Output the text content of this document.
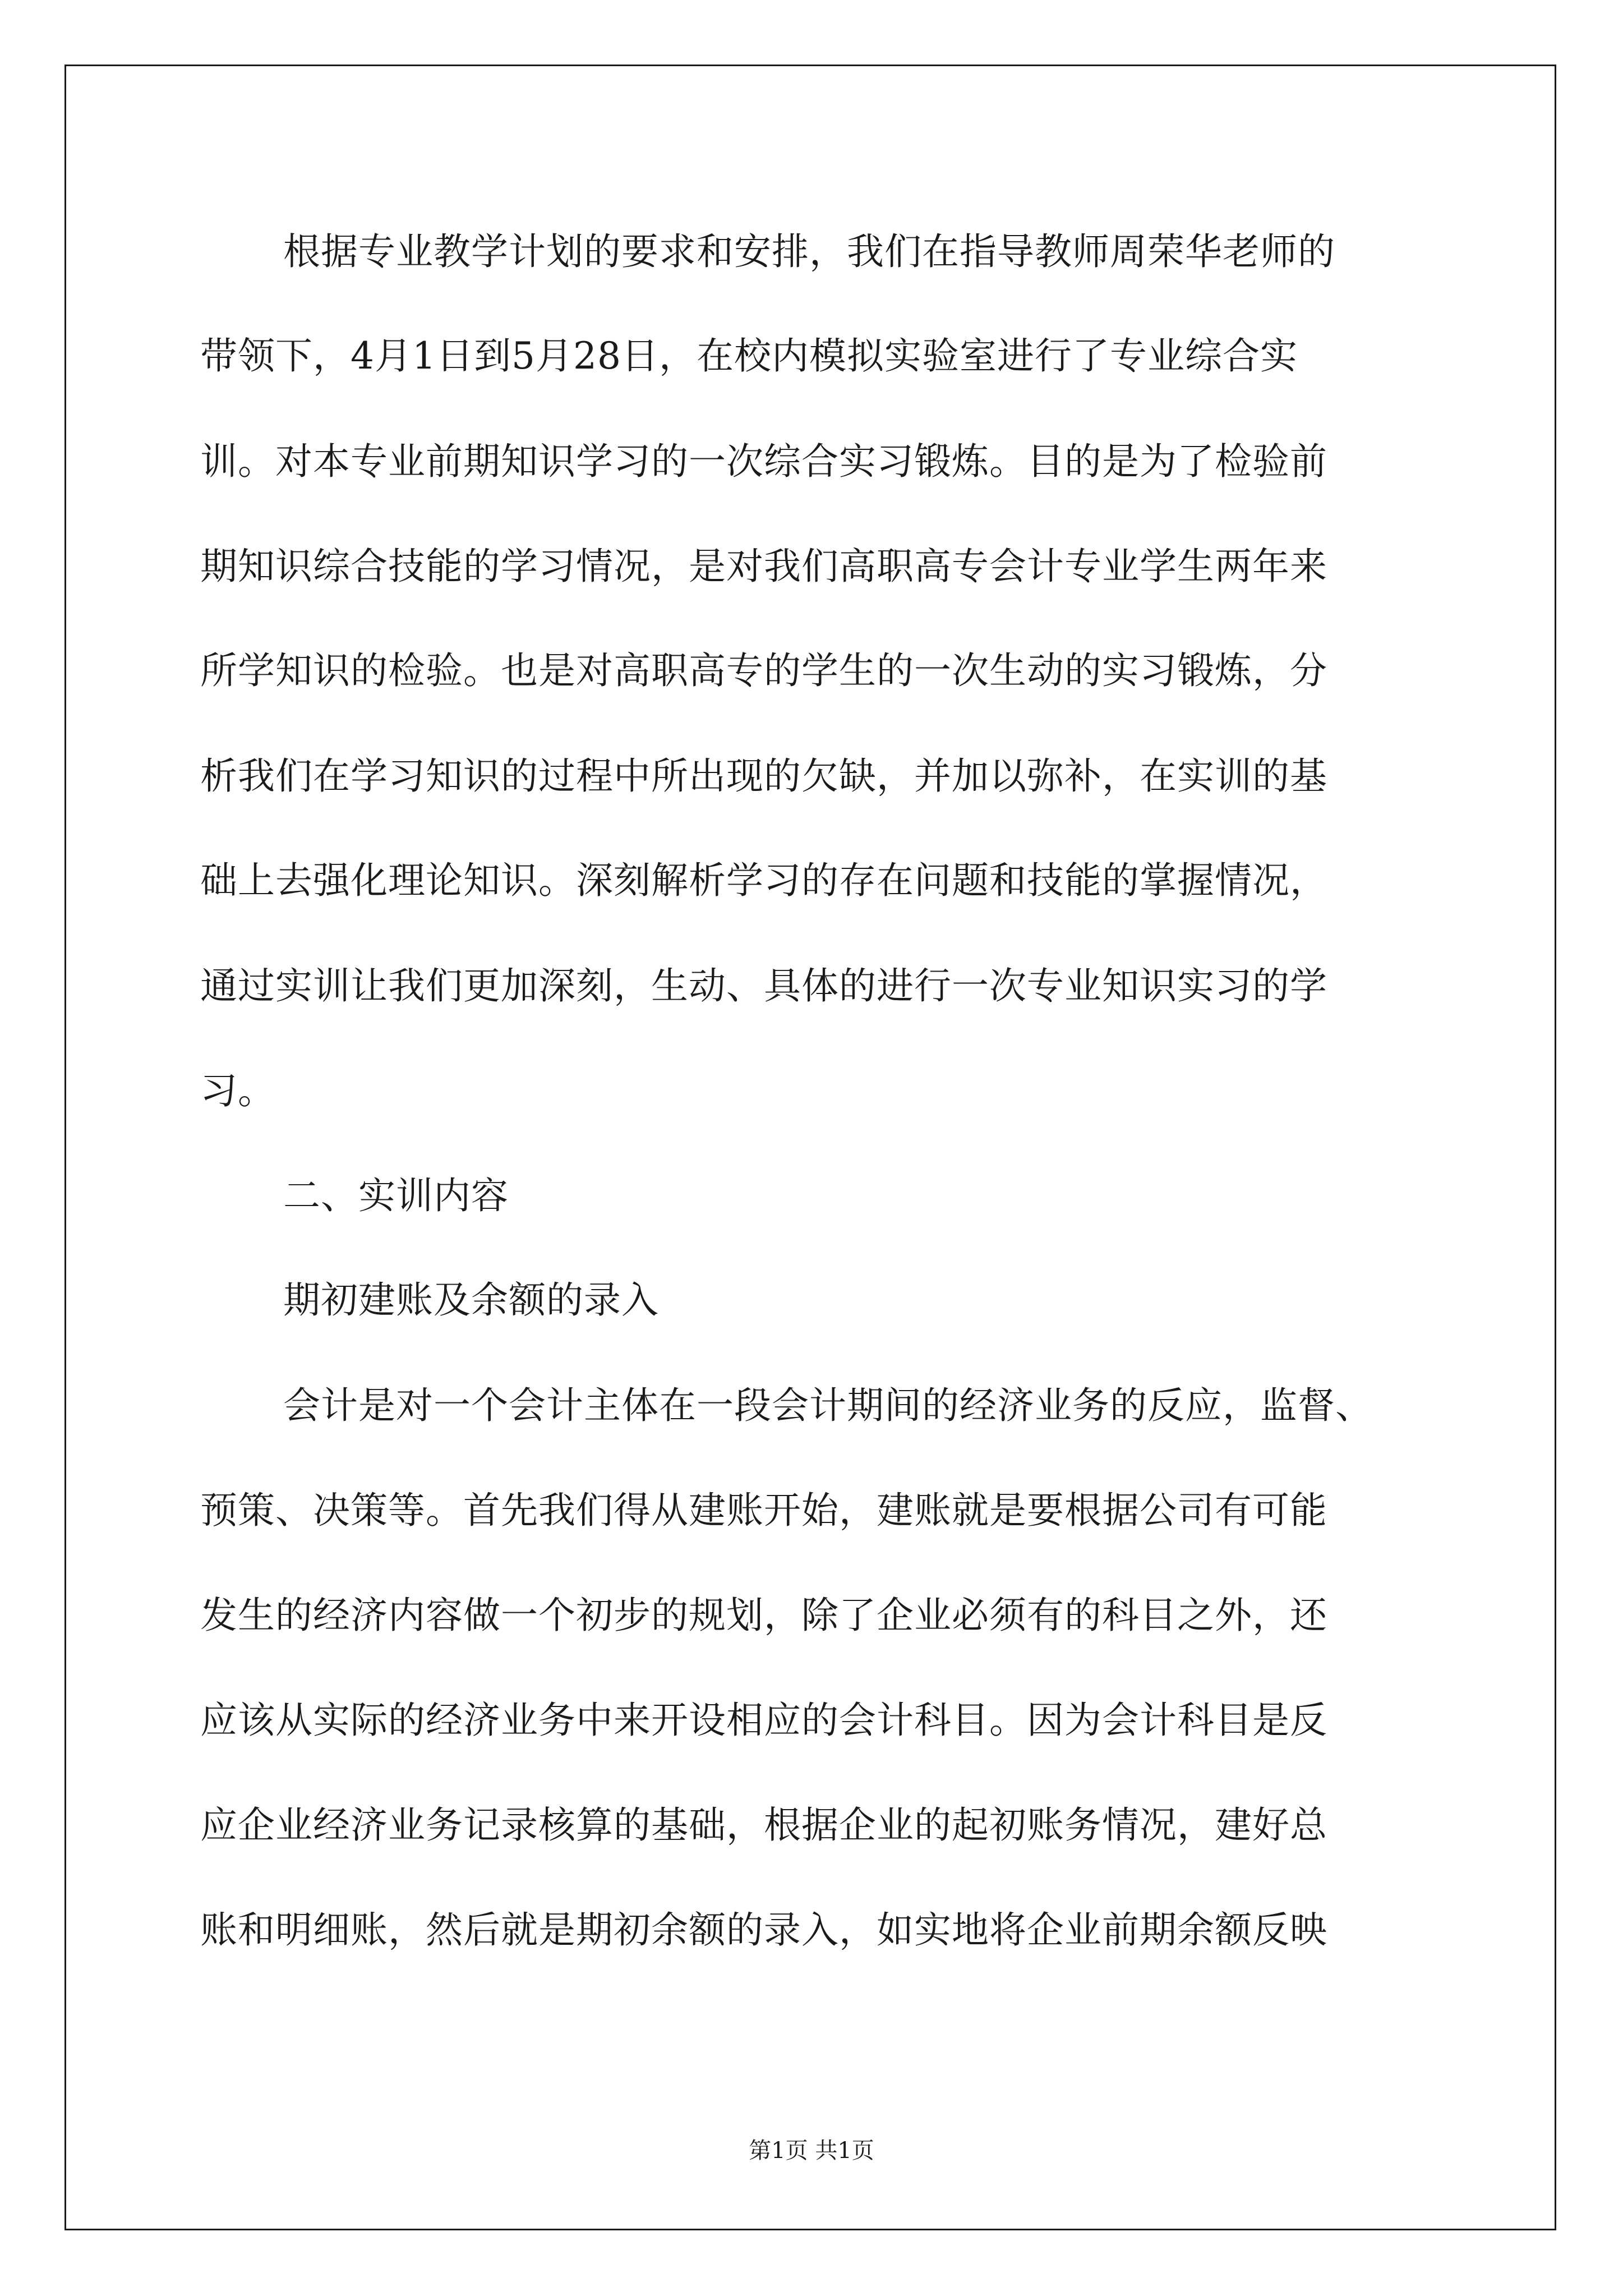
根据专业教学计划的要求和安排，我们在指导教师周荣华老师的
带领下，4月1日到5月28日，在校内模拟实验室进行了专业综合实
训。对本专业前期知识学习的一次综合实习锻炼。目的是为了检验前
期知识综合技能的学习情况，是对我们高职高专会计专业学生两年来
所学知识的检验。也是对高职高专的学生的一次生动的实习锻炼，分
析我们在学习知识的过程中所出现的欠缺，并加以弥补，在实训的基
础上去强化理论知识。深刻解析学习的存在问题和技能的掌握情况，
通过实训让我们更加深刻，生动、具体的进行一次专业知识实习的学
习。
二、实训内容
期初建账及余额的录入
会计是对一个会计主体在一段会计期间的经济业务的反应，监督、
预策、决策等。首先我们得从建账开始，建账就是要根据公司有可能
发生的经济内容做一个初步的规划，除了企业必须有的科目之外，还
应该从实际的经济业务中来开设相应的会计科目。因为会计科目是反
应企业经济业务记录核算的基础，根据企业的起初账务情况，建好总
账和明细账，然后就是期初余额的录入，如实地将企业前期余额反映
第1页 共1页
